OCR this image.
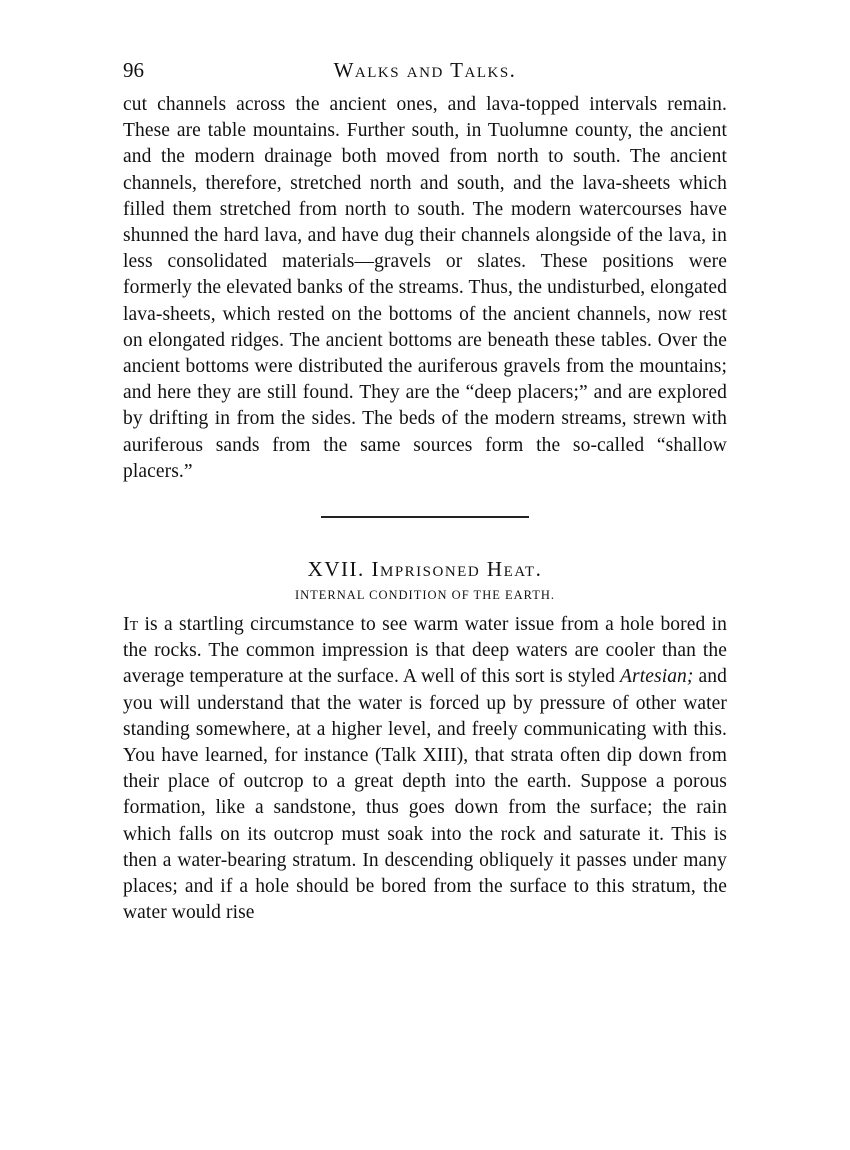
96	Walks and Talks.

cut channels across the ancient ones, and lava-topped intervals remain. These are table mountains. Further south, in Tuolumne county, the ancient and the modern drainage both moved from north to south. The ancient channels, therefore, stretched north and south, and the lava-sheets which filled them stretched from north to south. The modern watercourses have shunned the hard lava, and have dug their channels alongside of the lava, in less consolidated materials—gravels or slates. These positions were formerly the elevated banks of the streams. Thus, the undisturbed, elongated lava-sheets, which rested on the bottoms of the ancient channels, now rest on elongated ridges. The ancient bottoms are beneath these tables. Over the ancient bottoms were distributed the auriferous gravels from the mountains; and here they are still found. They are the “deep placers;” and are explored by drifting in from the sides. The beds of the modern streams, strewn with auriferous sands from the same sources form the so-called “shallow placers.”

XVII. Imprisoned Heat.
INTERNAL CONDITION OF THE EARTH.

It is a startling circumstance to see warm water issue from a hole bored in the rocks. The common impression is that deep waters are cooler than the average temperature at the surface. A well of this sort is styled Artesian; and you will understand that the water is forced up by pressure of other water standing somewhere, at a higher level, and freely communicating with this. You have learned, for instance (Talk XIII), that strata often dip down from their place of outcrop to a great depth into the earth. Suppose a porous formation, like a sandstone, thus goes down from the surface; the rain which falls on its outcrop must soak into the rock and saturate it. This is then a water-bearing stratum. In descending obliquely it passes under many places; and if a hole should be bored from the surface to this stratum, the water would rise
